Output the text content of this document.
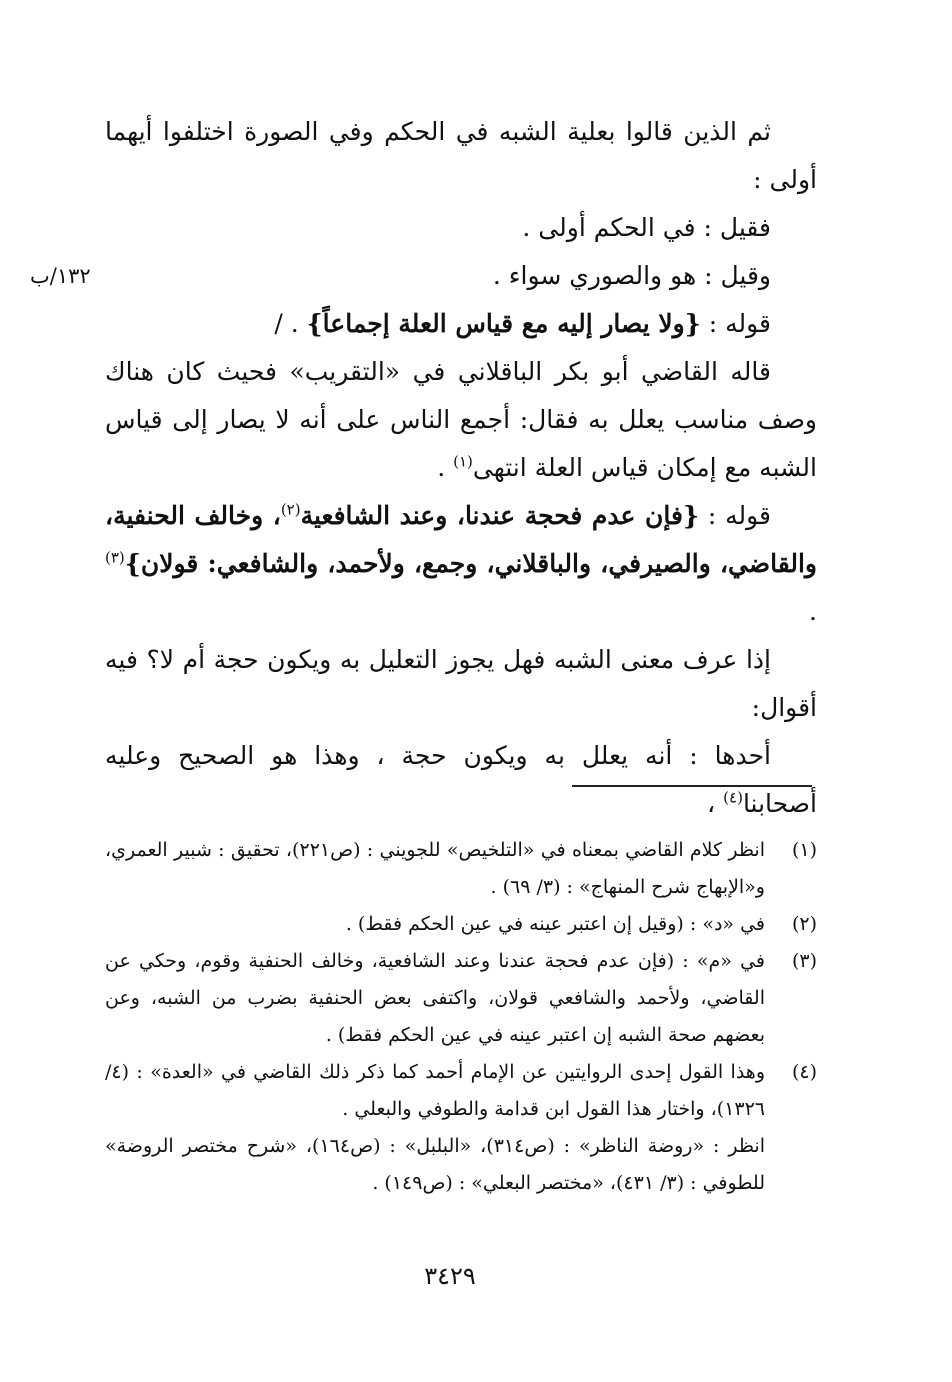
١٣٢/ب

ثم الذين قالوا بعلية الشبه في الحكم وفي الصورة اختلفوا أيهما أولى :

فقيل : في الحكم أولى .

وقيل : هو والصوري سواء .

قوله : {ولا يصار إليه مع قياس العلة إجماعاً} . /

قاله القاضي أبو بكر الباقلاني في «التقريب» فحيث كان هناك وصف مناسب يعلل به فقال: أجمع الناس على أنه لا يصار إلى قياس الشبه مع إمكان قياس العلة انتهى$^{(١)}$ .

قوله : {فإن عدم فحجة عندنا، وعند الشافعية$^{(٢)}$، وخالف الحنفية، والقاضي، والصيرفي، والباقلاني، وجمع، ولأحمد، والشافعي: قولان}$^{(٣)}$ .

إذا عرف معنى الشبه فهل يجوز التعليل به ويكون حجة أم لا؟ فيه أقوال:

أحدها : أنه يعلل به ويكون حجة ، وهذا هو الصحيح وعليه أصحابنا$^{(٤)}$ ،

(١)
انظر كلام القاضي بمعناه في «التلخيص» للجويني : (ص٢٢١)، تحقيق : شبير العمري، و«الإبهاج شرح المنهاج» : (٣/ ٦٩) .
(٢)
في «د» : (وقيل إن اعتبر عينه في عين الحكم فقط) .
(٣)
في «م» : (فإن عدم فحجة عندنا وعند الشافعية، وخالف الحنفية وقوم، وحكي عن القاضي، ولأحمد والشافعي قولان، واكتفى بعض الحنفية بضرب من الشبه، وعن بعضهم صحة الشبه إن اعتبر عينه في عين الحكم فقط) .
(٤)
وهذا القول إحدى الروايتين عن الإمام أحمد كما ذكر ذلك القاضي في «العدة» : (٤/ ١٣٢٦)، واختار هذا القول ابن قدامة والطوفي والبعلي .
انظر : «روضة الناظر» : (ص٣١٤)، «البلبل» : (ص١٦٤)، «شرح مختصر الروضة» للطوفي : (٣/ ٤٣١)، «مختصر البعلي» : (ص١٤٩) .
٣٤٢٩
